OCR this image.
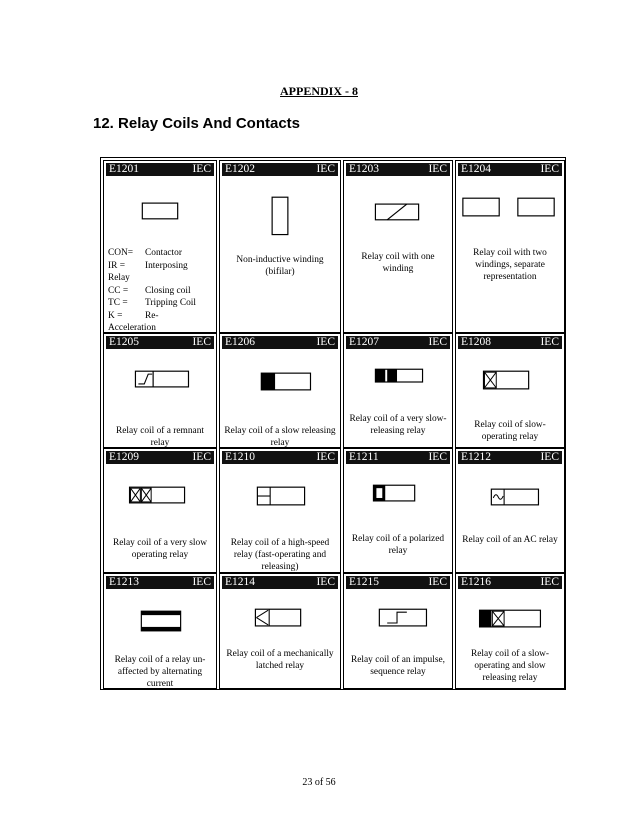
APPENDIX - 8
12. Relay Coils And Contacts
E1201	IEC
CON=	Contactor
IR =	Interposing
Relay
CC =	Closing coil
TC =	Tripping Coil
K =	Re-
Acceleration
E1202	IEC
Non-inductive winding (bifilar)
E1203	IEC
Relay coil with one winding
E1204	IEC
Relay coil with two windings, separate representation
E1205	IEC
Relay coil of a remnant relay
E1206	IEC
Relay coil of a slow releasing relay
E1207	IEC
Relay coil of a very slow-releasing relay
E1208	IEC
Relay coil of slow-operating relay
E1209	IEC
Relay coil of a very slow operating relay
E1210	IEC
Relay coil of a high-speed relay (fast-operating and releasing)
E1211	IEC
Relay coil of a polarized relay
E1212	IEC
Relay coil of an AC relay
E1213	IEC
Relay coil of a relay un-affected by alternating current
E1214	IEC
Relay coil of a mechanically latched relay
E1215	IEC
Relay coil of an impulse, sequence relay
E1216	IEC
Relay coil of a slow-operating and slow releasing relay
23 of 56
